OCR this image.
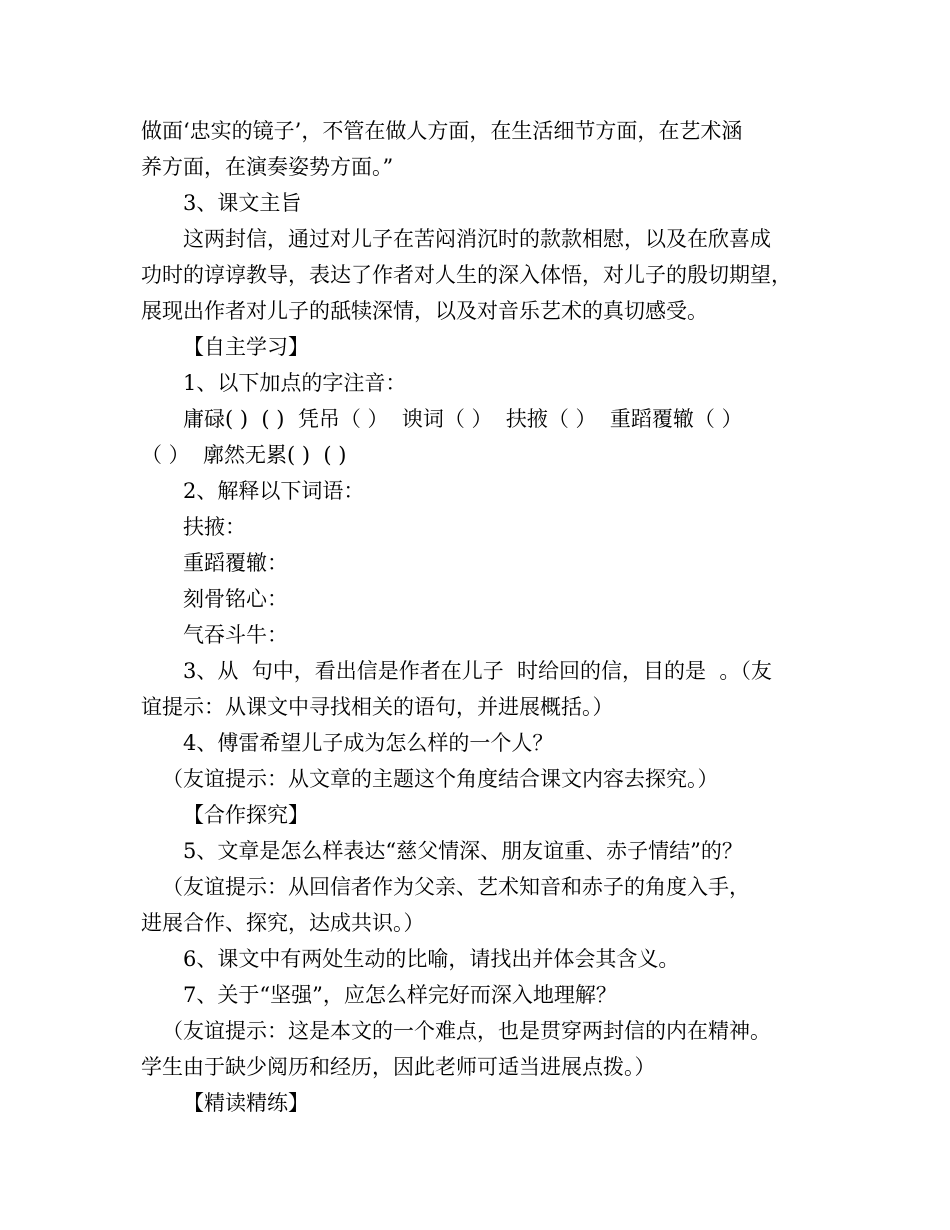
做面‘忠实的镜子’，不管在做人方面，在生活细节方面，在艺术涵

养方面，在演奏姿势方面。”

3、课文主旨

这两封信，通过对儿子在苦闷消沉时的款款相慰，以及在欣喜成

功时的谆谆教导，表达了作者对人生的深入体悟，对儿子的殷切期望，

展现出作者对儿子的舐犊深情，以及对音乐艺术的真切感受。

【自主学习】

1、以下加点的字注音：

庸碌( )  ( )  凭吊（ ）  谀词（ ）  扶掖（ ）  重蹈覆辙（ ）

（ ）  廓然无累( )  ( )

2、解释以下词语：

扶掖：

重蹈覆辙：

刻骨铭心：

气吞斗牛：

3、从  句中，看出信是作者在儿子  时给回的信，目的是  。（友

谊提示：从课文中寻找相关的语句，并进展概括。）

4、傅雷希望儿子成为怎么样的一个人？

（友谊提示：从文章的主题这个角度结合课文内容去探究。）

【合作探究】

5、文章是怎么样表达“慈父情深、朋友谊重、赤子情结”的？

（友谊提示：从回信者作为父亲、艺术知音和赤子的角度入手，

进展合作、探究，达成共识。）

6、课文中有两处生动的比喻，请找出并体会其含义。

7、关于“坚强”，应怎么样完好而深入地理解？

（友谊提示：这是本文的一个难点，也是贯穿两封信的内在精神。

学生由于缺少阅历和经历，因此老师可适当进展点拨。）

【精读精练】
